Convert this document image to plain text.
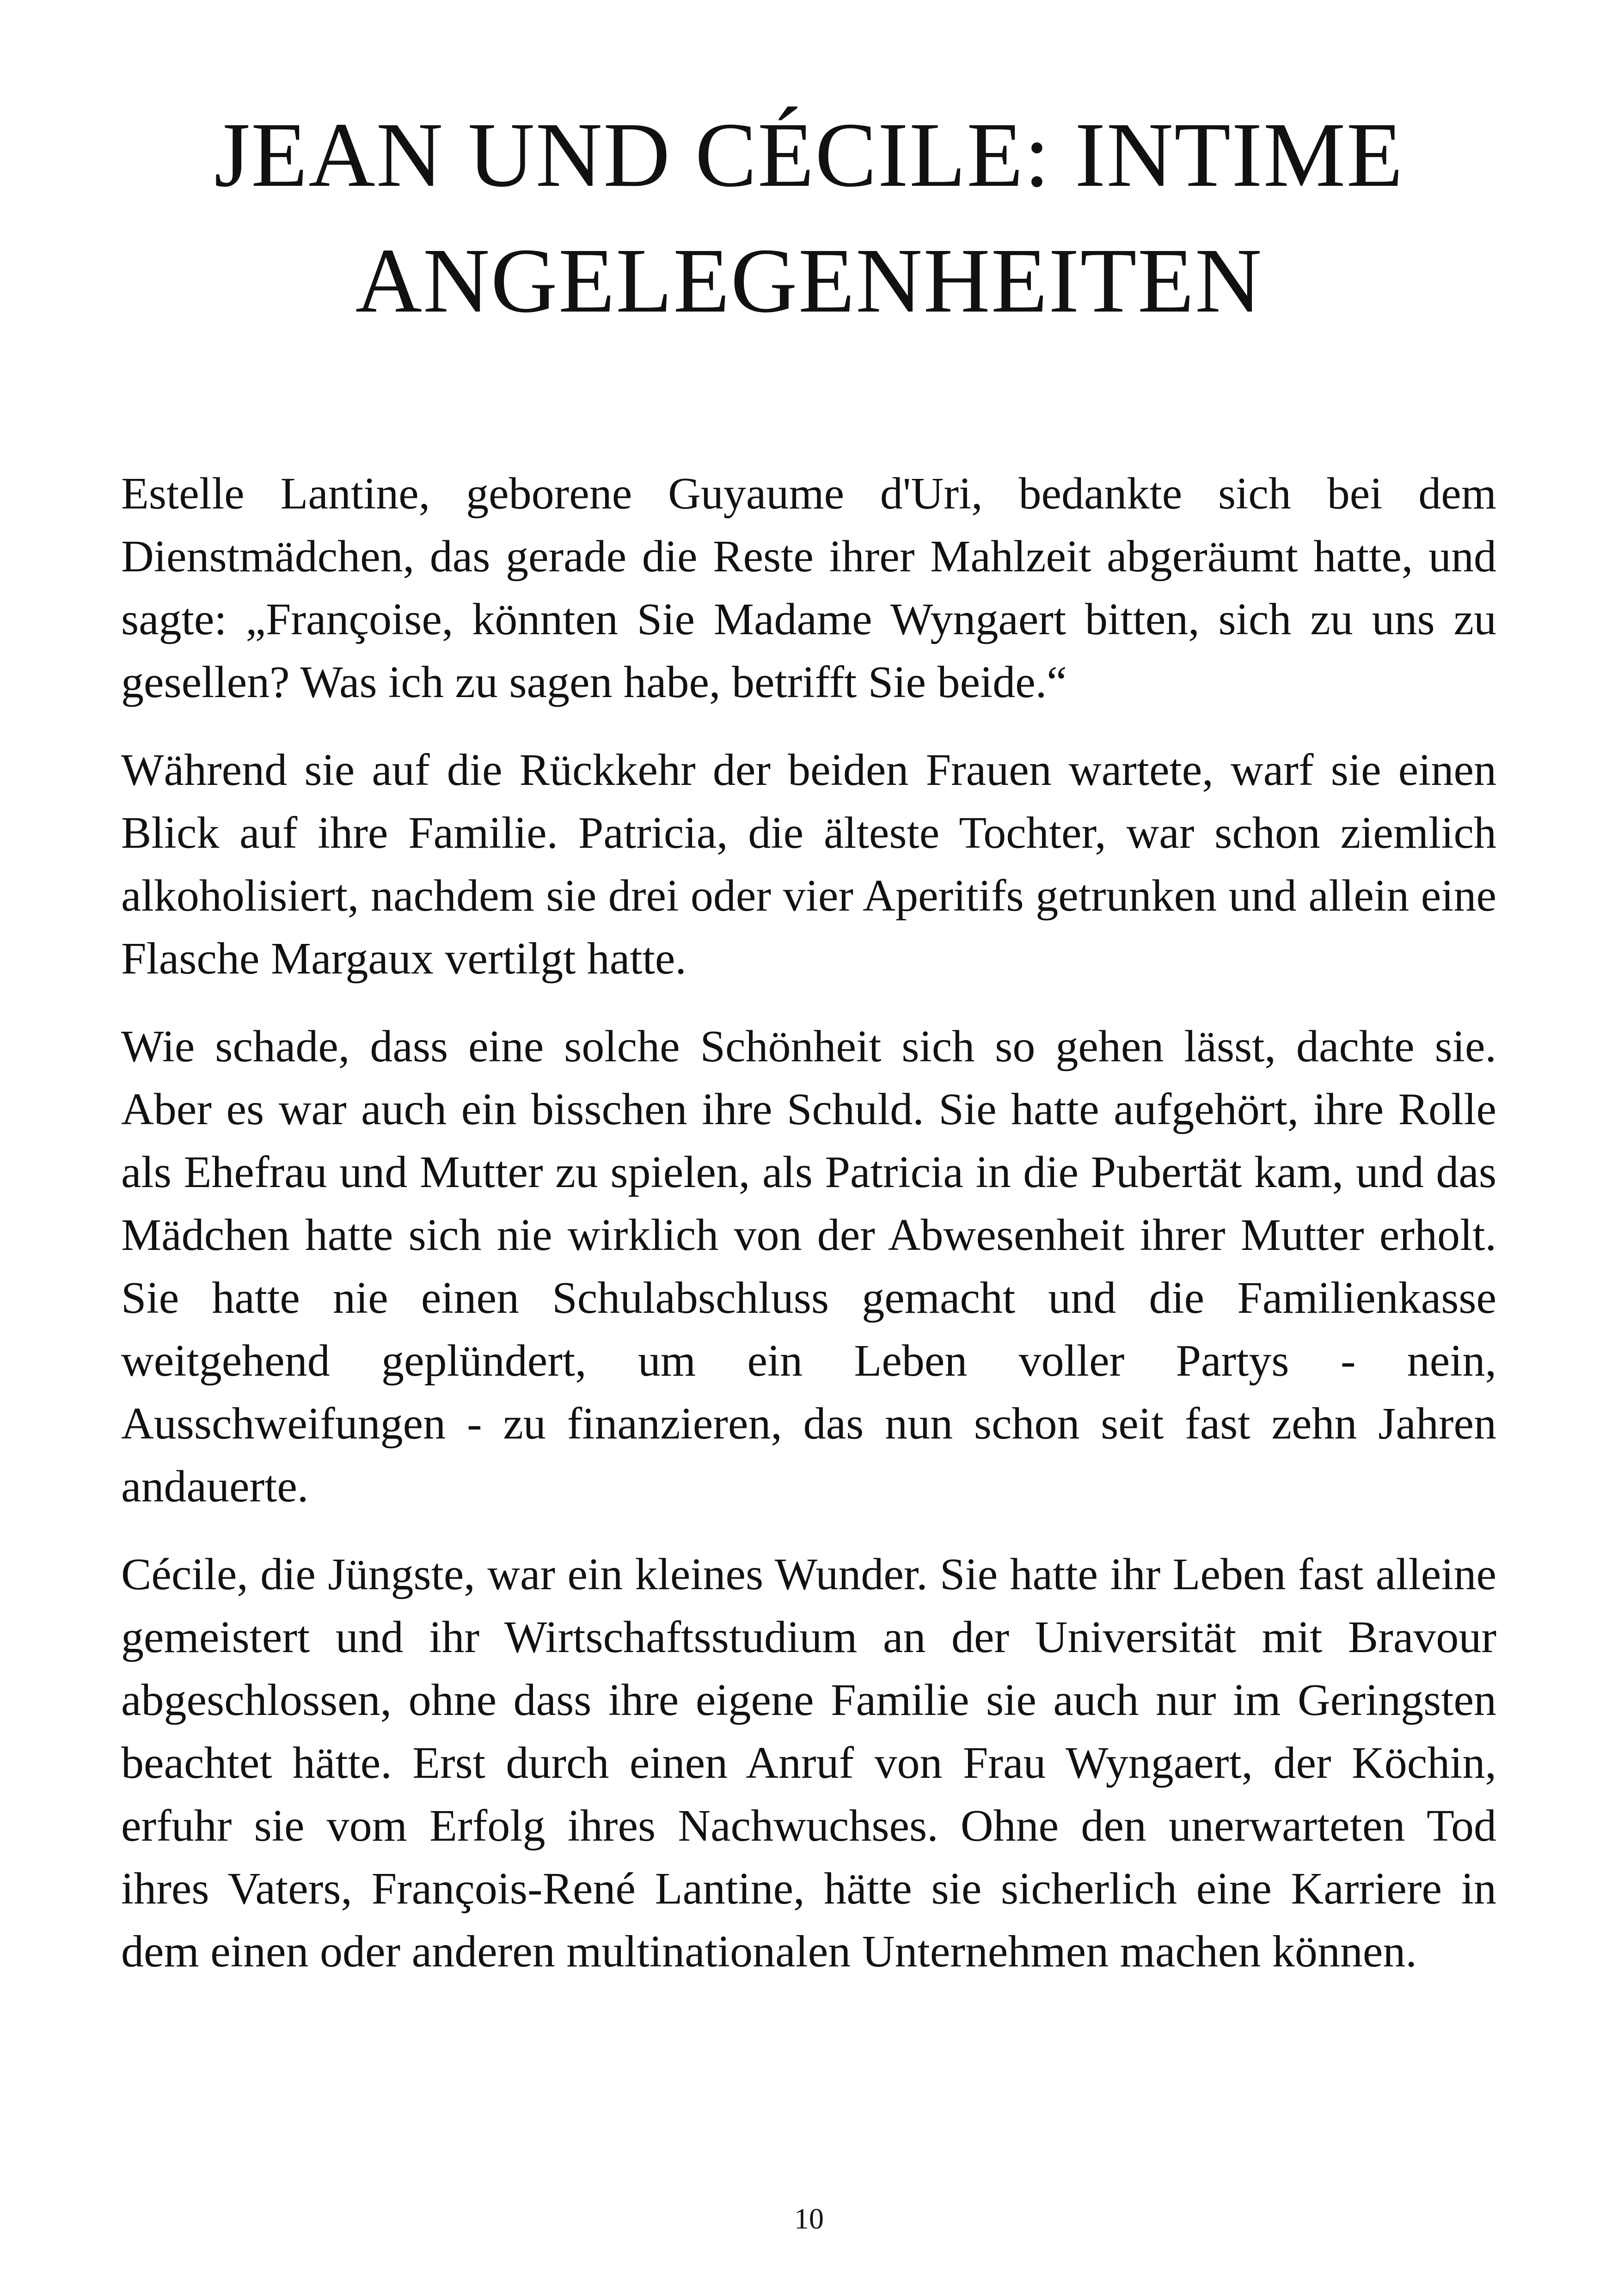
JEAN UND CÉCILE: INTIME ANGELEGENHEITEN

Estelle Lantine, geborene Guyaume d'Uri, bedankte sich bei dem Dienstmädchen, das gerade die Reste ihrer Mahlzeit abgeräumt hatte, und sagte: „Françoise, könnten Sie Madame Wyngaert bitten, sich zu uns zu gesellen? Was ich zu sagen habe, betrifft Sie beide.“

Während sie auf die Rückkehr der beiden Frauen wartete, warf sie einen Blick auf ihre Familie. Patricia, die älteste Tochter, war schon ziemlich alkoholisiert, nachdem sie drei oder vier Aperitifs getrunken und allein eine Flasche Margaux vertilgt hatte.

Wie schade, dass eine solche Schönheit sich so gehen lässt, dachte sie. Aber es war auch ein bisschen ihre Schuld. Sie hatte aufgehört, ihre Rolle als Ehefrau und Mutter zu spielen, als Patricia in die Pubertät kam, und das Mädchen hatte sich nie wirklich von der Abwesenheit ihrer Mutter erholt. Sie hatte nie einen Schulabschluss gemacht und die Familienkasse weitgehend geplündert, um ein Leben voller Partys - nein, Ausschweifungen - zu finanzieren, das nun schon seit fast zehn Jahren andauerte.

Cécile, die Jüngste, war ein kleines Wunder. Sie hatte ihr Leben fast alleine gemeistert und ihr Wirtschaftsstudium an der Universität mit Bravour abgeschlossen, ohne dass ihre eigene Familie sie auch nur im Geringsten beachtet hätte. Erst durch einen Anruf von Frau Wyngaert, der Köchin, erfuhr sie vom Erfolg ihres Nachwuchses. Ohne den unerwarteten Tod ihres Vaters, François-René Lantine, hätte sie sicherlich eine Karriere in dem einen oder anderen multinationalen Unternehmen machen können.

10
